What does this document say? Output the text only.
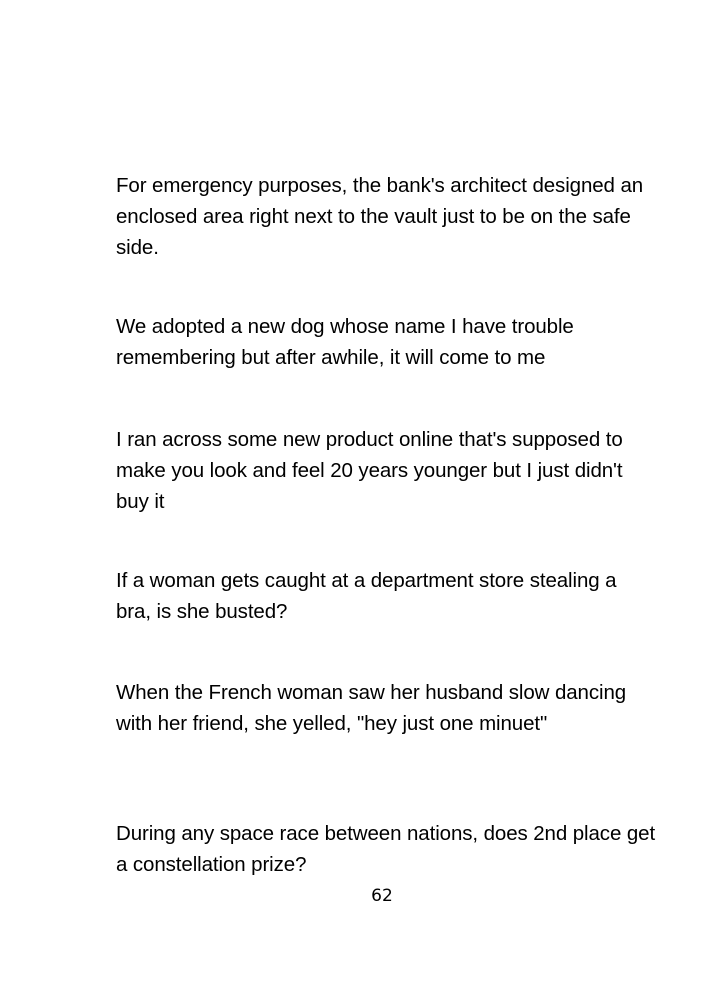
For emergency purposes, the bank's architect designed an enclosed area right next to the vault just to be on the safe side.

We adopted a new dog whose name I have trouble remembering but after awhile, it will come to me

I ran across some new product online that's supposed to make you look and feel 20 years younger but I just didn't buy it

If a woman gets caught at a department store stealing a bra, is she busted?

When the French woman saw her husband slow dancing with her friend, she yelled, "hey just one minuet"

During any space race between nations, does 2nd place get a constellation prize?

62
